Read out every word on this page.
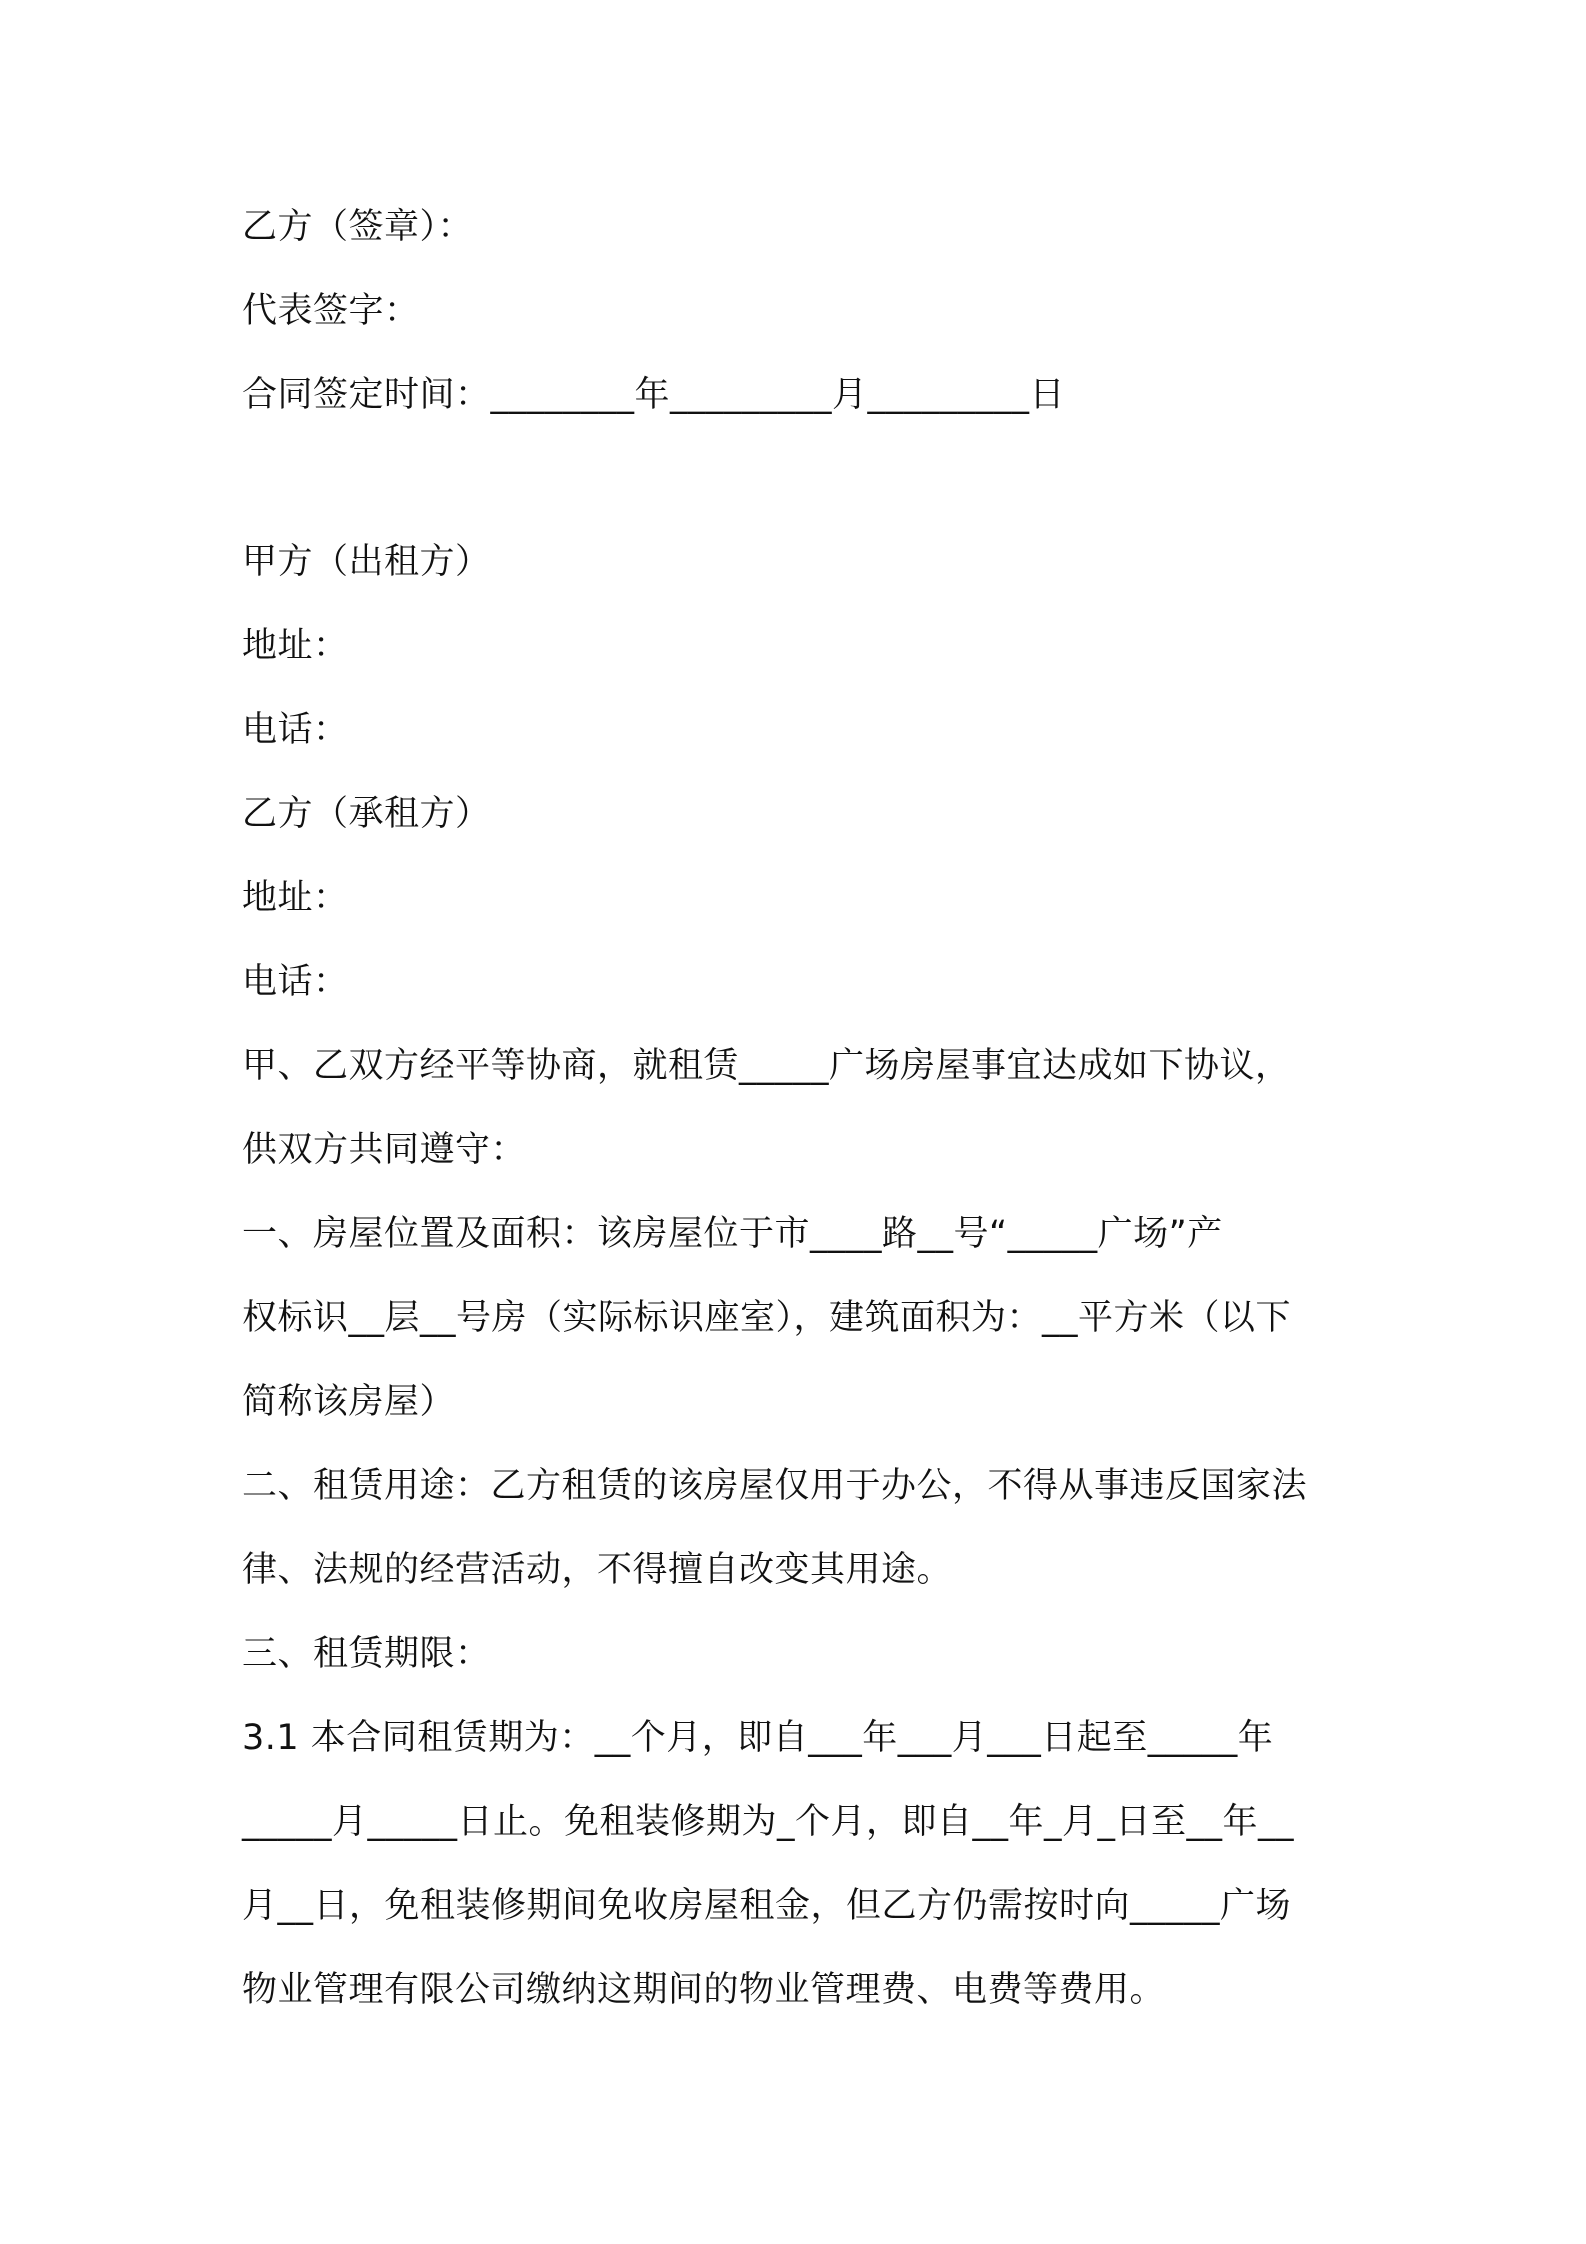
乙方（签章）：
代表签字：
合同签定时间：________年_________月_________日
甲方（出租方）
地址：
电话：
乙方（承租方）
地址：
电话：
甲、乙双方经平等协商，就租赁_____广场房屋事宜达成如下协议，
供双方共同遵守：
一、房屋位置及面积：该房屋位于市____路__号“_____广场”产
权标识__层__号房（实际标识座室），建筑面积为：__平方米（以下
简称该房屋）
二、租赁用途：乙方租赁的该房屋仅用于办公，不得从事违反国家法
律、法规的经营活动，不得擅自改变其用途。
三、租赁期限：
3.1 本合同租赁期为：__个月，即自___年___月___日起至_____年
_____月_____日止。免租装修期为_个月，即自__年_月_日至__年__
月__日，免租装修期间免收房屋租金，但乙方仍需按时向_____广场
物业管理有限公司缴纳这期间的物业管理费、电费等费用。
